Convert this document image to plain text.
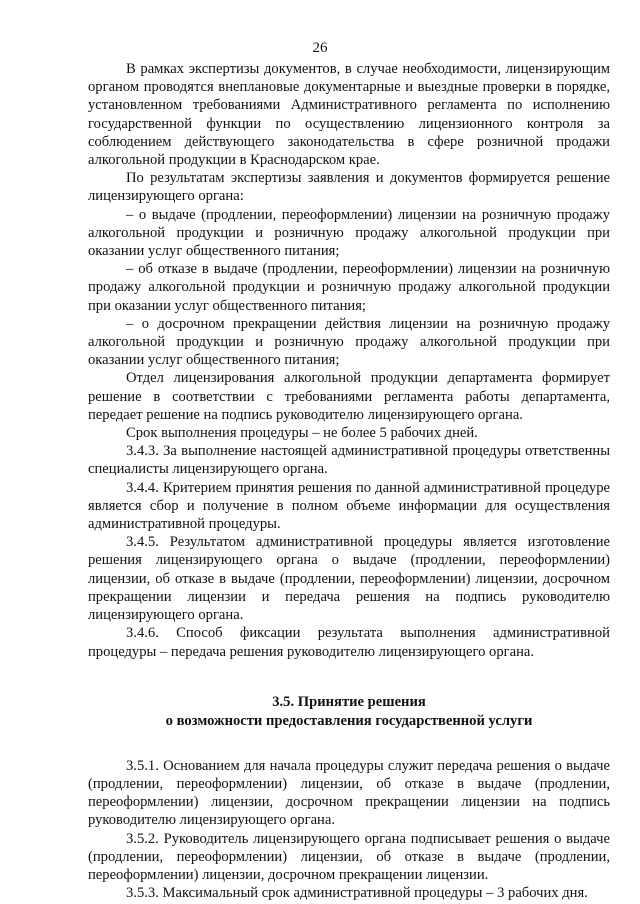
26

В рамках экспертизы документов, в случае необходимости, лицензирующим органом проводятся внеплановые документарные и выездные проверки в порядке, установленном требованиями Административного регламента по исполнению государственной функции по осуществлению лицензионного контроля за соблюдением действующего законодательства в сфере розничной продажи алкогольной продукции в Краснодарском крае.

По результатам экспертизы заявления и документов формируется решение лицензирующего органа:

– о выдаче (продлении, переоформлении) лицензии на розничную продажу алкогольной продукции и розничную продажу алкогольной продукции при оказании услуг общественного питания;

– об отказе в выдаче (продлении, переоформлении) лицензии на розничную продажу алкогольной продукции и розничную продажу алкогольной продукции при оказании услуг общественного питания;

– о досрочном прекращении действия лицензии на розничную продажу алкогольной продукции и розничную продажу алкогольной продукции при оказании услуг общественного питания;

Отдел лицензирования алкогольной продукции департамента формирует решение в соответствии с требованиями регламента работы департамента, передает решение на подпись руководителю лицензирующего органа.

Срок выполнения процедуры – не более 5 рабочих дней.

3.4.3. За выполнение настоящей административной процедуры ответственны специалисты лицензирующего органа.

3.4.4. Критерием принятия решения по данной административной процедуре является сбор и получение в полном объеме информации для осуществления административной процедуры.

3.4.5. Результатом административной процедуры является изготовление решения лицензирующего органа о выдаче (продлении, переоформлении) лицензии, об отказе в выдаче (продлении, переоформлении) лицензии, досрочном прекращении лицензии и передача решения на подпись руководителю лицензирующего органа.

3.4.6. Способ фиксации результата выполнения административной процедуры – передача решения руководителю лицензирующего органа.

3.5. Принятие решения
о возможности предоставления государственной услуги

3.5.1. Основанием для начала процедуры служит передача решения о выдаче (продлении, переоформлении) лицензии, об отказе в выдаче (продлении, переоформлении) лицензии, досрочном прекращении лицензии на подпись руководителю лицензирующего органа.

3.5.2. Руководитель лицензирующего органа подписывает решения о выдаче (продлении, переоформлении) лицензии, об отказе в выдаче (продлении, переоформлении) лицензии, досрочном прекращении лицензии.

3.5.3. Максимальный срок административной процедуры – 3 рабочих дня.
